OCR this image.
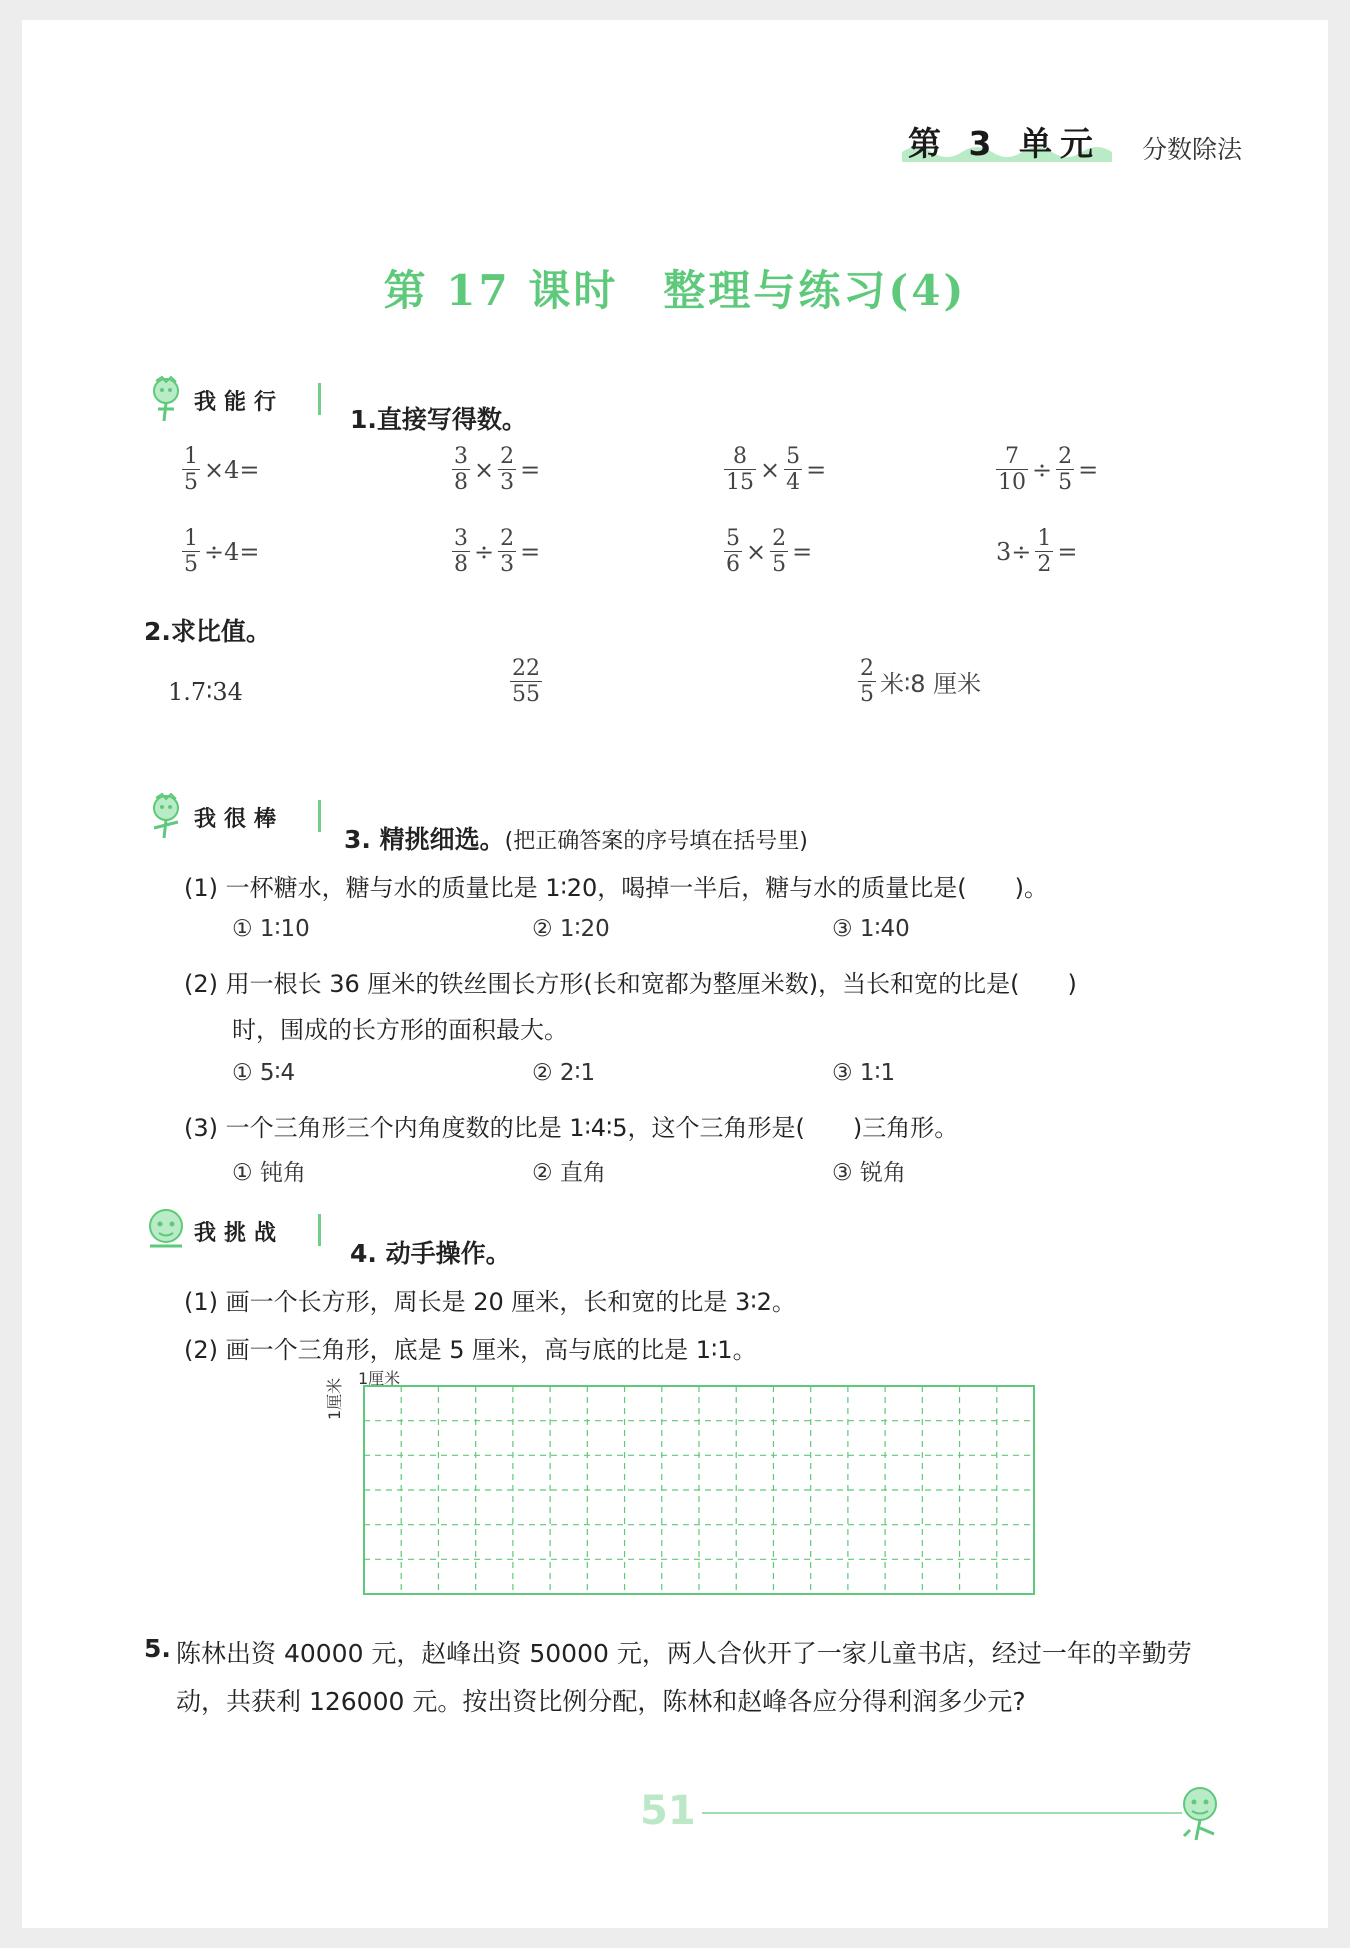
第 3 单元 分数除法
第 17 课时　整理与练习(4)
我能行
1.直接写得数。
$\frac{1}{5} \times 4=$	$\frac{3}{8} \times \frac{2}{3}$ =	$\frac{8}{15} \times \frac{5}{4}$ =	$\frac{7}{10} \div \frac{2}{5}$ =
$\frac{1}{5} \div 4=$	$\frac{3}{8} \div \frac{2}{3}$ =	$\frac{5}{6} \times \frac{2}{5}$ =	$3\div \frac{1}{2}$ =
2.求比值。
1.7∶34	$\frac{22}{55}$	$\frac{2}{5}$ 米∶8 厘米
我很棒
3. 精挑细选。(把正确答案的序号填在括号里)
(1) 一杯糖水，糖与水的质量比是 1∶20，喝掉一半后，糖与水的质量比是(　　)。
① 1∶10	② 1∶20	③ 1∶40
(2) 用一根长 36 厘米的铁丝围长方形(长和宽都为整厘米数)，当长和宽的比是(　　)
时，围成的长方形的面积最大。
① 5∶4	② 2∶1	③ 1∶1
(3) 一个三角形三个内角度数的比是 1∶4∶5，这个三角形是(　　)三角形。
① 钝角	② 直角	③ 锐角
我挑战
4. 动手操作。
(1) 画一个长方形，周长是 20 厘米，长和宽的比是 3∶2。
(2) 画一个三角形，底是 5 厘米，高与底的比是 1∶1。
1厘米
1厘米
5. 陈林出资 40000 元，赵峰出资 50000 元，两人合伙开了一家儿童书店，经过一年的辛勤劳
动，共获利 126000 元。按出资比例分配，陈林和赵峰各应分得利润多少元?
51
